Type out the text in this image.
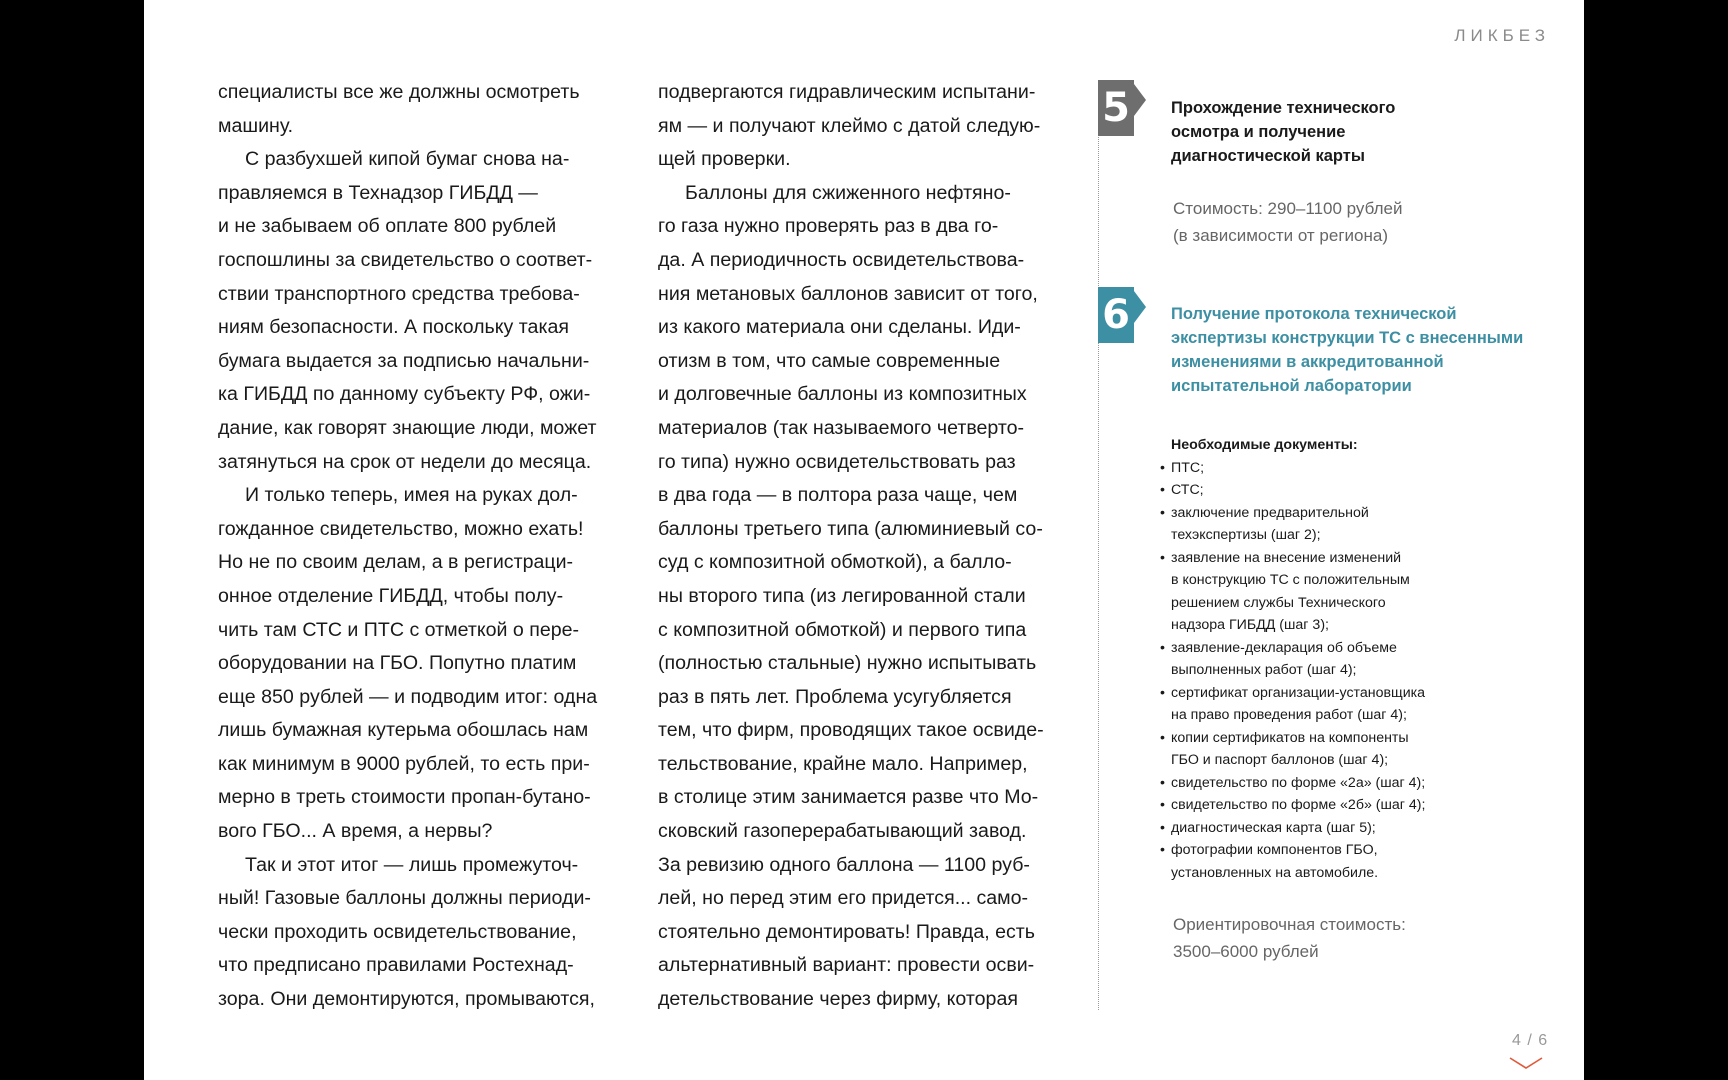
ЛИКБЕЗ
специалисты все же должны осмотреть
машину.
С разбухшей кипой бумаг снова на-
правляемся в Технадзор ГИБДД —
и не забываем об оплате 800 рублей
госпошлины за свидетельство о соответ-
ствии транспортного средства требова-
ниям безопасности. А поскольку такая
бумага выдается за подписью начальни-
ка ГИБДД по данному субъекту РФ, ожи-
дание, как говорят знающие люди, может
затянуться на срок от недели до месяца.
И только теперь, имея на руках дол-
гожданное свидетельство, можно ехать!
Но не по своим делам, а в регистраци-
онное отделение ГИБДД, чтобы полу-
чить там СТС и ПТС с отметкой о пере-
оборудовании на ГБО. Попутно платим
еще 850 рублей — и подводим итог: одна
лишь бумажная кутерьма обошлась нам
как минимум в 9000 рублей, то есть при-
мерно в треть стоимости пропан-бутано-
вого ГБО... А время, а нервы?
Так и этот итог — лишь промежуточ-
ный! Газовые баллоны должны периоди-
чески проходить освидетельствование,
что предписано правилами Ростехнад-
зора. Они демонтируются, промываются,
подвергаются гидравлическим испытани-
ям — и получают клеймо с датой следую-
щей проверки.
Баллоны для сжиженного нефтяно-
го газа нужно проверять раз в два го-
да. А периодичность освидетельствова-
ния метановых баллонов зависит от того,
из какого материала они сделаны. Иди-
отизм в том, что самые современные
и долговечные баллоны из композитных
материалов (так называемого четверто-
го типа) нужно освидетельствовать раз
в два года — в полтора раза чаще, чем
баллоны третьего типа (алюминиевый со-
суд с композитной обмоткой), а балло-
ны второго типа (из легированной стали
с композитной обмоткой) и первого типа
(полностью стальные) нужно испытывать
раз в пять лет. Проблема усугубляется
тем, что фирм, проводящих такое освиде-
тельствование, крайне мало. Например,
в столице этим занимается разве что Мо-
сковский газоперерабатывающий завод.
За ревизию одного баллона — 1100 руб-
лей, но перед этим его придется... само-
стоятельно демонтировать! Правда, есть
альтернативный вариант: провести осви-
детельствование через фирму, которая
5 Прохождение технического
осмотра и получение
диагностической карты
Стоимость: 290–1100 рублей
(в зависимости от региона)
6 Получение протокола технической
экспертизы конструкции ТС с внесенными
изменениями в аккредитованной
испытательной лаборатории
Необходимые документы:
• ПТС;
• СТС;
• заключение предварительной
техэкспертизы (шаг 2);
• заявление на внесение изменений
в конструкцию ТС с положительным
решением службы Технического
надзора ГИБДД (шаг 3);
• заявление-декларация об объеме
выполненных работ (шаг 4);
• сертификат организации-установщика
на право проведения работ (шаг 4);
• копии сертификатов на компоненты
ГБО и паспорт баллонов (шаг 4);
• свидетельство по форме «2а» (шаг 4);
• свидетельство по форме «2б» (шаг 4);
• диагностическая карта (шаг 5);
• фотографии компонентов ГБО,
установленных на автомобиле.
Ориентировочная стоимость:
3500–6000 рублей
4 / 6
